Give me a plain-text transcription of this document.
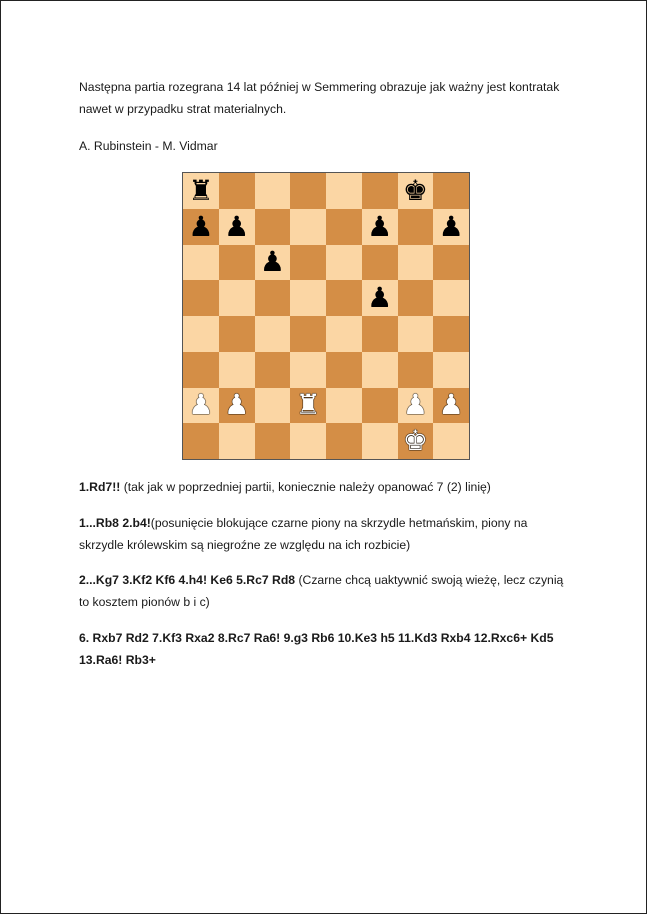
Następna partia rozegrana 14 lat później w Semmering obrazuje jak ważny jest kontratak nawet w przypadku strat materialnych.

A. Rubinstein - M. Vidmar

♜	♚
♟ ♟	♟ ♟
♟
♟
♟ ♟ ♜	♟ ♟
♚

1.Rd7!! (tak jak w poprzedniej partii, koniecznie należy opanować 7 (2) linię)

1...Rb8 2.b4!(posunięcie blokujące czarne piony na skrzydle hetmańskim, piony na skrzydle królewskim są niegroźne ze względu na ich rozbicie)

2...Kg7 3.Kf2 Kf6 4.h4! Ke6 5.Rc7 Rd8 (Czarne chcą uaktywnić swoją wieżę, lecz czynią to kosztem pionów b i c)

6. Rxb7 Rd2 7.Kf3 Rxa2 8.Rc7 Ra6! 9.g3 Rb6 10.Ke3 h5 11.Kd3 Rxb4 12.Rxc6+ Kd5 13.Ra6! Rb3+
